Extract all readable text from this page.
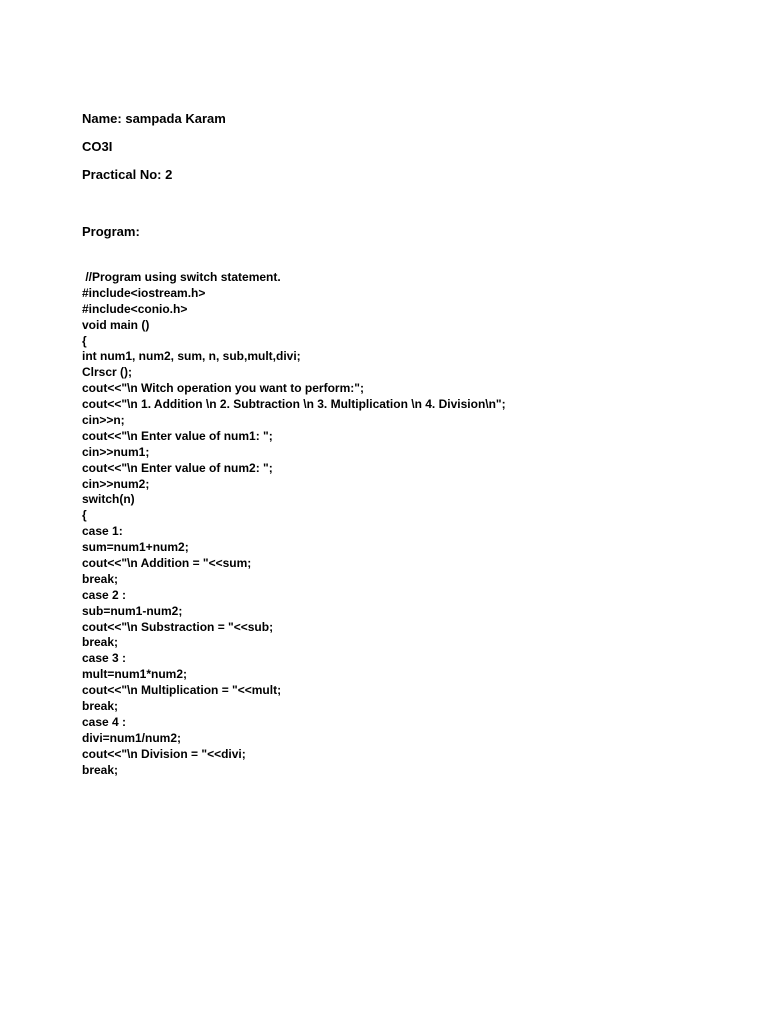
Name: sampada Karam
CO3I
Practical No: 2
Program:
//Program using switch statement.
#include<iostream.h>
#include<conio.h>
void main ()
{
int num1, num2, sum, n, sub,mult,divi;
Clrscr ();
cout<<"\n Witch operation you want to perform:";
cout<<"\n 1. Addition \n 2. Subtraction \n 3. Multiplication \n 4. Division\n";
cin>>n;
cout<<"\n Enter value of num1: ";
cin>>num1;
cout<<"\n Enter value of num2: ";
cin>>num2;
switch(n)
{
case 1:
sum=num1+num2;
cout<<"\n Addition = "<<sum;
break;
case 2 :
sub=num1-num2;
cout<<"\n Substraction = "<<sub;
break;
case 3 :
mult=num1*num2;
cout<<"\n Multiplication = "<<mult;
break;
case 4 :
divi=num1/num2;
cout<<"\n Division = "<<divi;
break;
